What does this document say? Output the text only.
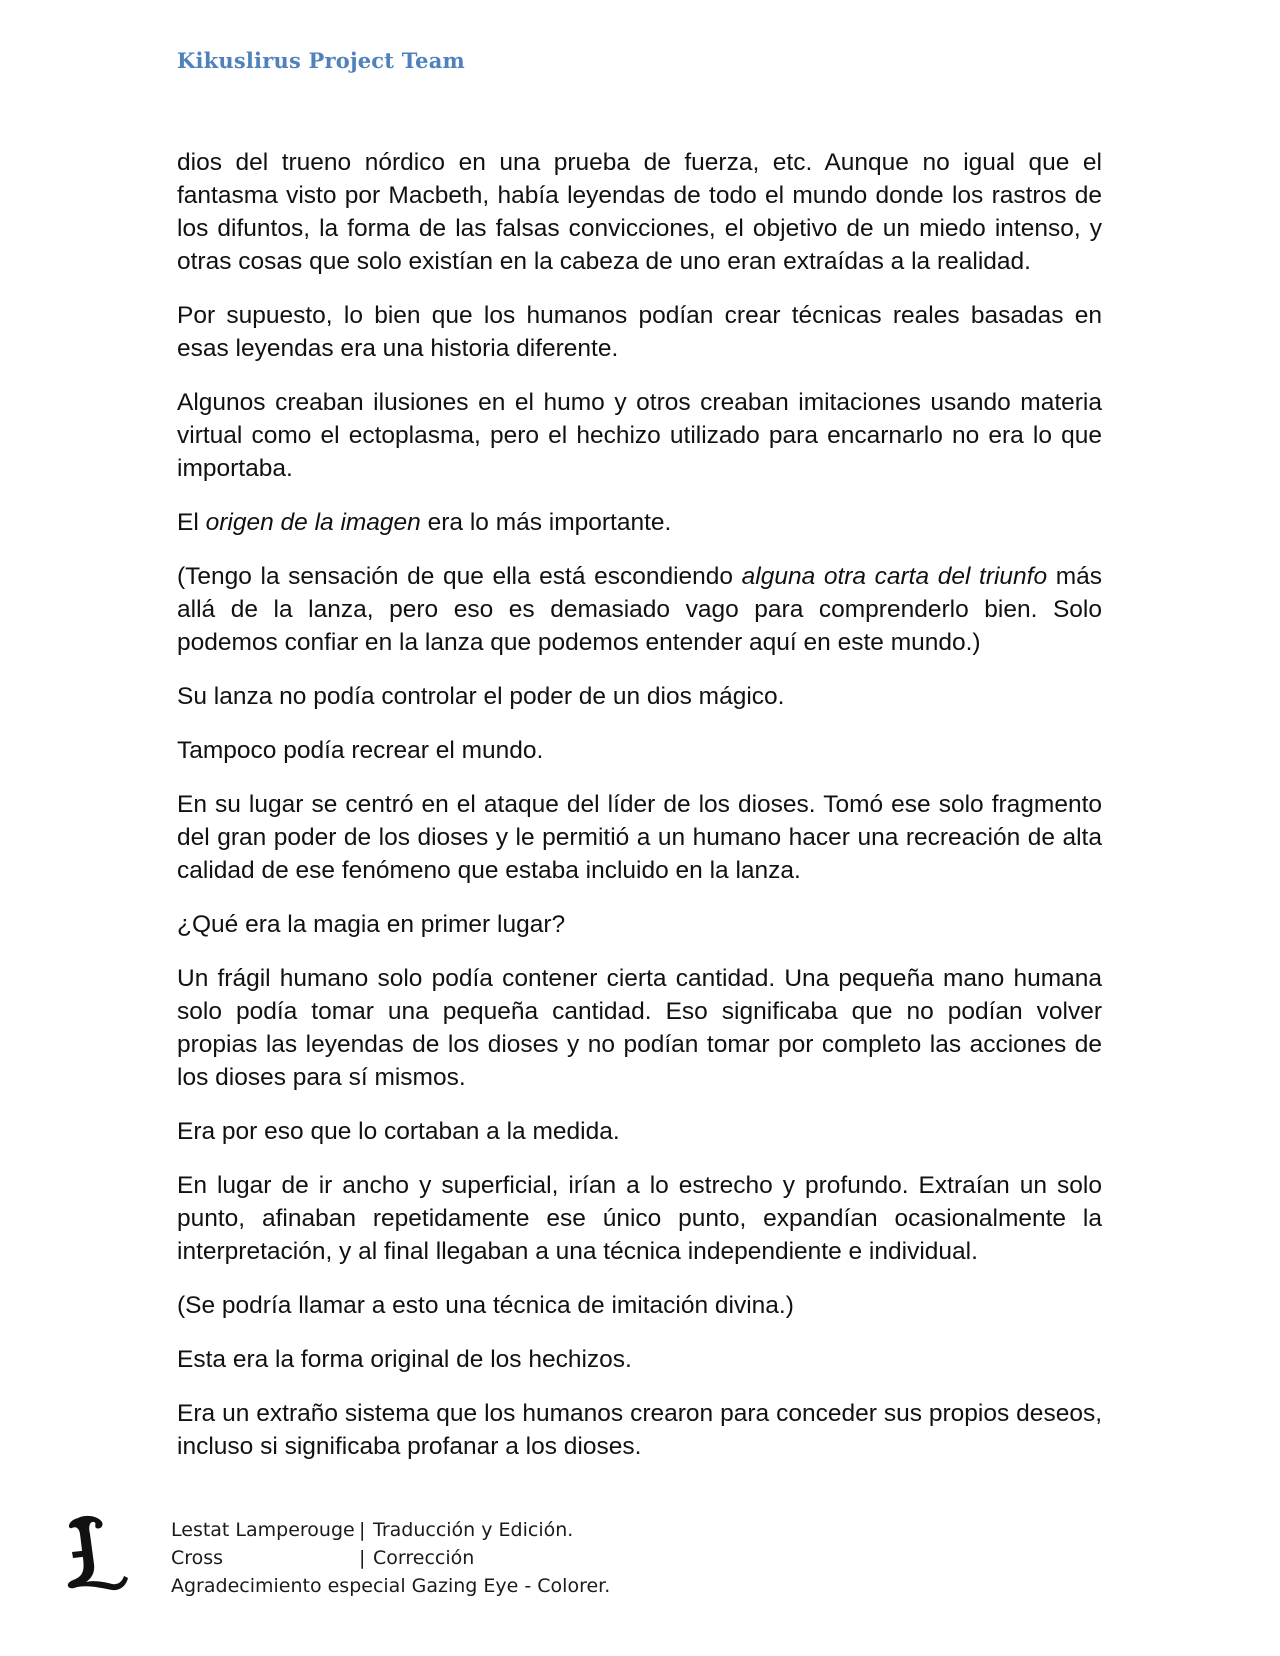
Kikuslirus Project Team

dios del trueno nórdico en una prueba de fuerza, etc. Aunque no igual que el fantasma visto por Macbeth, había leyendas de todo el mundo donde los rastros de los difuntos, la forma de las falsas convicciones, el objetivo de un miedo intenso, y otras cosas que solo existían en la cabeza de uno eran extraídas a la realidad.

Por supuesto, lo bien que los humanos podían crear técnicas reales basadas en esas leyendas era una historia diferente.

Algunos creaban ilusiones en el humo y otros creaban imitaciones usando materia virtual como el ectoplasma, pero el hechizo utilizado para encarnarlo no era lo que importaba.

El origen de la imagen era lo más importante.

(Tengo la sensación de que ella está escondiendo alguna otra carta del triunfo más allá de la lanza, pero eso es demasiado vago para comprenderlo bien. Solo podemos confiar en la lanza que podemos entender aquí en este mundo.)

Su lanza no podía controlar el poder de un dios mágico.

Tampoco podía recrear el mundo.

En su lugar se centró en el ataque del líder de los dioses. Tomó ese solo fragmento del gran poder de los dioses y le permitió a un humano hacer una recreación de alta calidad de ese fenómeno que estaba incluido en la lanza.

¿Qué era la magia en primer lugar?

Un frágil humano solo podía contener cierta cantidad. Una pequeña mano humana solo podía tomar una pequeña cantidad. Eso significaba que no podían volver propias las leyendas de los dioses y no podían tomar por completo las acciones de los dioses para sí mismos.

Era por eso que lo cortaban a la medida.

En lugar de ir ancho y superficial, irían a lo estrecho y profundo. Extraían un solo punto, afinaban repetidamente ese único punto, expandían ocasionalmente la interpretación, y al final llegaban a una técnica independiente e individual.

(Se podría llamar a esto una técnica de imitación divina.)

Esta era la forma original de los hechizos.

Era un extraño sistema que los humanos crearon para conceder sus propios deseos, incluso si significaba profanar a los dioses.

Lestat Lamperouge | Traducción y Edición.
Cross	| Corrección
Agradecimiento especial Gazing Eye - Colorer.
